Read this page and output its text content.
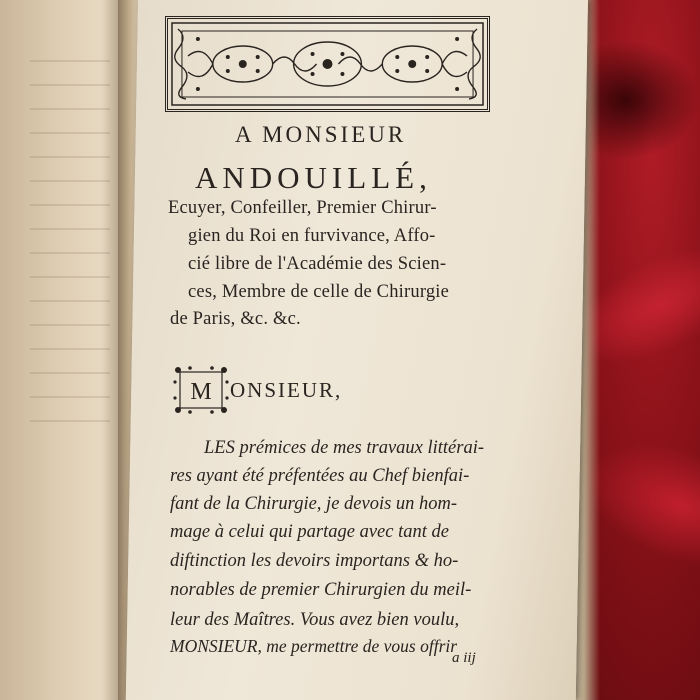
A MONSIEUR
ANDOUILLÉ,
Ecuyer, Confeiller, Premier Chirur-
gien du Roi en furvivance, Affo-
cié libre de l'Académie des Scien-
ces, Membre de celle de Chirurgie
de Paris, &c. &c.
M ONSIEUR,
LES prémices de mes travaux littérai-
res ayant été préfentées au Chef bienfai-
fant de la Chirurgie, je devois un hom-
mage à celui qui partage avec tant de
diftinction les devoirs importans & ho-
norables de premier Chirurgien du meil-
leur des Maîtres. Vous avez bien voulu,
MONSIEUR, me permettre de vous offrir
a iij
